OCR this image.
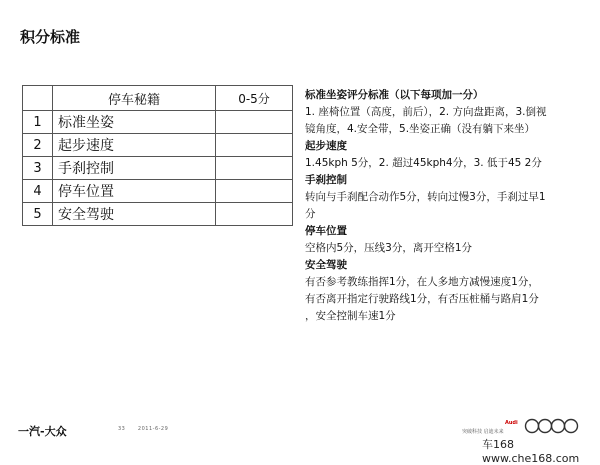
积分标准
	停车秘籍	0-5分
1	标准坐姿	
2	起步速度	
3	手刹控制	
4	停车位置	
5	安全驾驶	
标准坐姿评分标准（以下每项加一分）

1. 座椅位置（高度，前后），2. 方向盘距离，3.倒视

镜角度，4.安全带，5.坐姿正确（没有躺下来坐）

起步速度

1.45kph 5分，2. 超过45kph4分，3. 低于45 2分

手刹控制

转向与手刹配合动作5分，转向过慢3分，手刹过早1

分

停车位置

空格内5分，压线3分，离开空格1分

安全驾驶

有否参考教练指挥1分，在人多地方减慢速度1分，

有否离开指定行驶路线1分，有否压桩桶与路肩1分

，安全控制车速1分

一汽-大众	33	2011-6-29	突破科技 启迪未来
Audi
车168 www.che168.com
